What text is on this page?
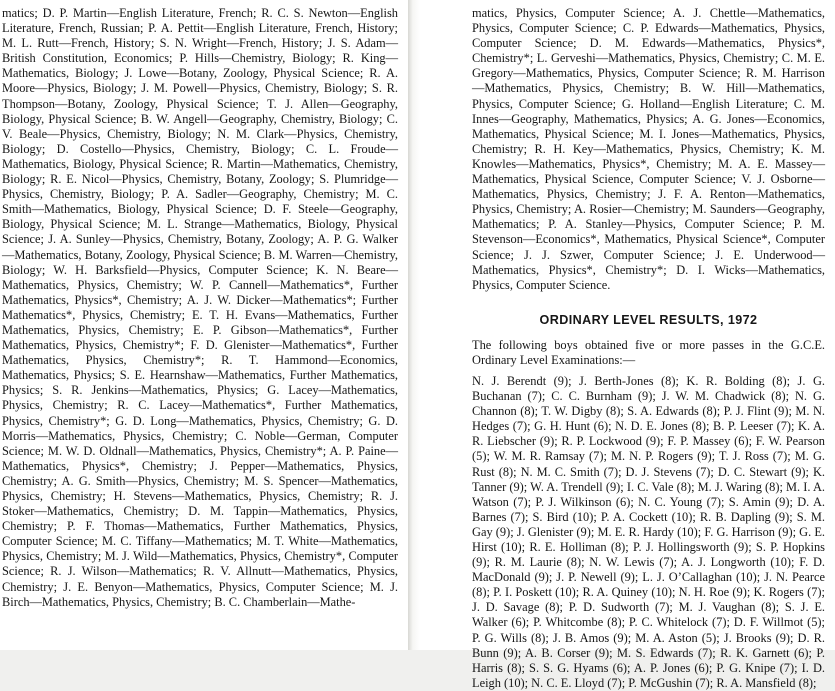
matics; D. P. Martin—English Literature, French; R. C. S. Newton—English Literature, French, Russian; P. A. Pettit—English Literature, French, History; M. L. Rutt—French, History; S. N. Wright—French, History; J. S. Adam—British Constitution, Economics; P. Hills—Chemistry, Biology; R. King—Mathematics, Biology; J. Lowe—Botany, Zoology, Physical Science; R. A. Moore—Physics, Biology; J. M. Powell—Physics, Chemistry, Biology; S. R. Thompson—Botany, Zoology, Physical Science; T. J. Allen—Geography, Biology, Physical Science; B. W. Angell—Geography, Chemistry, Biology; C. V. Beale—Physics, Chemistry, Biology; N. M. Clark—Physics, Chemistry, Biology; D. Costello—Physics, Chemistry, Biology; C. L. Froude—Mathematics, Biology, Physical Science; R. Martin—Mathematics, Chemistry, Biology; R. E. Nicol—Physics, Chemistry, Botany, Zoology; S. Plumridge—Physics, Chemistry, Biology; P. A. Sadler—Geography, Chemistry; M. C. Smith—Mathematics, Biology, Physical Science; D. F. Steele—Geography, Biology, Physical Science; M. L. Strange—Mathematics, Biology, Physical Science; J. A. Sunley—Physics, Chemistry, Botany, Zoology; A. P. G. Walker—Mathematics, Botany, Zoology, Physical Science; B. M. Warren—Chemistry, Biology; W. H. Barksfield—Physics, Computer Science; K. N. Beare—Mathematics, Physics, Chemistry; W. P. Cannell—Mathematics*, Further Mathematics, Physics*, Chemistry; A. J. W. Dicker—Mathematics*; Further Mathematics*, Physics, Chemistry; E. T. H. Evans—Mathematics, Further Mathematics, Physics, Chemistry; E. P. Gibson—Mathematics*, Further Mathematics, Physics, Chemistry*; F. D. Glenister—Mathematics*, Further Mathematics, Physics, Chemistry*; R. T. Hammond—Economics, Mathematics, Physics; S. E. Hearnshaw—Mathematics, Further Mathematics, Physics; S. R. Jenkins—Mathematics, Physics; G. Lacey—Mathematics, Physics, Chemistry; R. C. Lacey—Mathematics*, Further Mathematics, Physics, Chemistry*; G. D. Long—Mathematics, Physics, Chemistry; G. D. Morris—Mathematics, Physics, Chemistry; C. Noble—German, Computer Science; M. W. D. Oldnall—Mathematics, Physics, Chemistry*; A. P. Paine—Mathematics, Physics*, Chemistry; J. Pepper—Mathematics, Physics, Chemistry; A. G. Smith—Physics, Chemistry; M. S. Spencer—Mathematics, Physics, Chemistry; H. Stevens—Mathematics, Physics, Chemistry; R. J. Stoker—Mathematics, Chemistry; D. M. Tappin—Mathematics, Physics, Chemistry; P. F. Thomas—Mathematics, Further Mathematics, Physics, Computer Science; M. C. Tiffany—Mathematics; M. T. White—Mathematics, Physics, Chemistry; M. J. Wild—Mathematics, Physics, Chemistry*, Computer Science; R. J. Wilson—Mathematics; R. V. Allnutt—Mathematics, Physics, Chemistry; J. E. Benyon—Mathematics, Physics, Computer Science; M. J. Birch—Mathematics, Physics, Chemistry; B. C. Chamberlain—Mathe-

matics, Physics, Computer Science; A. J. Chettle—Mathematics, Physics, Computer Science; C. P. Edwards—Mathematics, Physics, Computer Science; D. M. Edwards—Mathematics, Physics*, Chemistry*; L. Gerveshi—Mathematics, Physics, Chemistry; C. M. E. Gregory—Mathematics, Physics, Computer Science; R. M. Harrison—Mathematics, Physics, Chemistry; B. W. Hill—Mathematics, Physics, Computer Science; G. Holland—English Literature; C. M. Innes—Geography, Mathematics, Physics; A. G. Jones—Economics, Mathematics, Physical Science; M. I. Jones—Mathematics, Physics, Chemistry; R. H. Key—Mathematics, Physics, Chemistry; K. M. Knowles—Mathematics, Physics*, Chemistry; M. A. E. Massey—Mathematics, Physical Science, Computer Science; V. J. Osborne—Mathematics, Physics, Chemistry; J. F. A. Renton—Mathematics, Physics, Chemistry; A. Rosier—Chemistry; M. Saunders—Geography, Mathematics; P. A. Stanley—Physics, Computer Science; P. M. Stevenson—Economics*, Mathematics, Physical Science*, Computer Science; J. J. Szwer, Computer Science; J. E. Underwood—Mathematics, Physics*, Chemistry*; D. I. Wicks—Mathematics, Physics, Computer Science.

ORDINARY LEVEL RESULTS, 1972

The following boys obtained five or more passes in the G.C.E. Ordinary Level Examinations:—

N. J. Berendt (9); J. Berth-Jones (8); K. R. Bolding (8); J. G. Buchanan (7); C. C. Burnham (9); J. W. M. Chadwick (8); N. G. Channon (8); T. W. Digby (8); S. A. Edwards (8); P. J. Flint (9); M. N. Hedges (7); G. H. Hunt (6); N. D. E. Jones (8); B. P. Leeser (7); K. A. R. Liebscher (9); R. P. Lockwood (9); F. P. Massey (6); F. W. Pearson (5); W. M. R. Ramsay (7); M. N. P. Rogers (9); T. J. Ross (7); M. G. Rust (8); N. M. C. Smith (7); D. J. Stevens (7); D. C. Stewart (9); K. Tanner (9); W. A. Trendell (9); I. C. Vale (8); M. J. Waring (8); M. I. A. Watson (7); P. J. Wilkinson (6); N. C. Young (7); S. Amin (9); D. A. Barnes (7); S. Bird (10); P. A. Cockett (10); R. B. Dapling (9); S. M. Gay (9); J. Glenister (9); M. E. R. Hardy (10); F. G. Harrison (9); G. E. Hirst (10); R. E. Holliman (8); P. J. Hollingsworth (9); S. P. Hopkins (9); R. M. Laurie (8); N. W. Lewis (7); A. J. Longworth (10); F. D. MacDonald (9); J. P. Newell (9); L. J. O’Callaghan (10); J. N. Pearce (8); P. I. Poskett (10); R. A. Quiney (10); N. H. Roe (9); K. Rogers (7); J. D. Savage (8); P. D. Sudworth (7); M. J. Vaughan (8); S. J. E. Walker (6); P. Whitcombe (8); P. C. Whitelock (7); D. F. Willmot (5); P. G. Wills (8); J. B. Amos (9); M. A. Aston (5); J. Brooks (9); D. R. Bunn (9); A. B. Corser (9); M. S. Edwards (7); R. K. Garnett (6); P. Harris (8); S. S. G. Hyams (6); A. P. Jones (6); P. G. Knipe (7); I. D. Leigh (10); N. C. E. Lloyd (7); P. McGushin (7); R. A. Mansfield (8);
